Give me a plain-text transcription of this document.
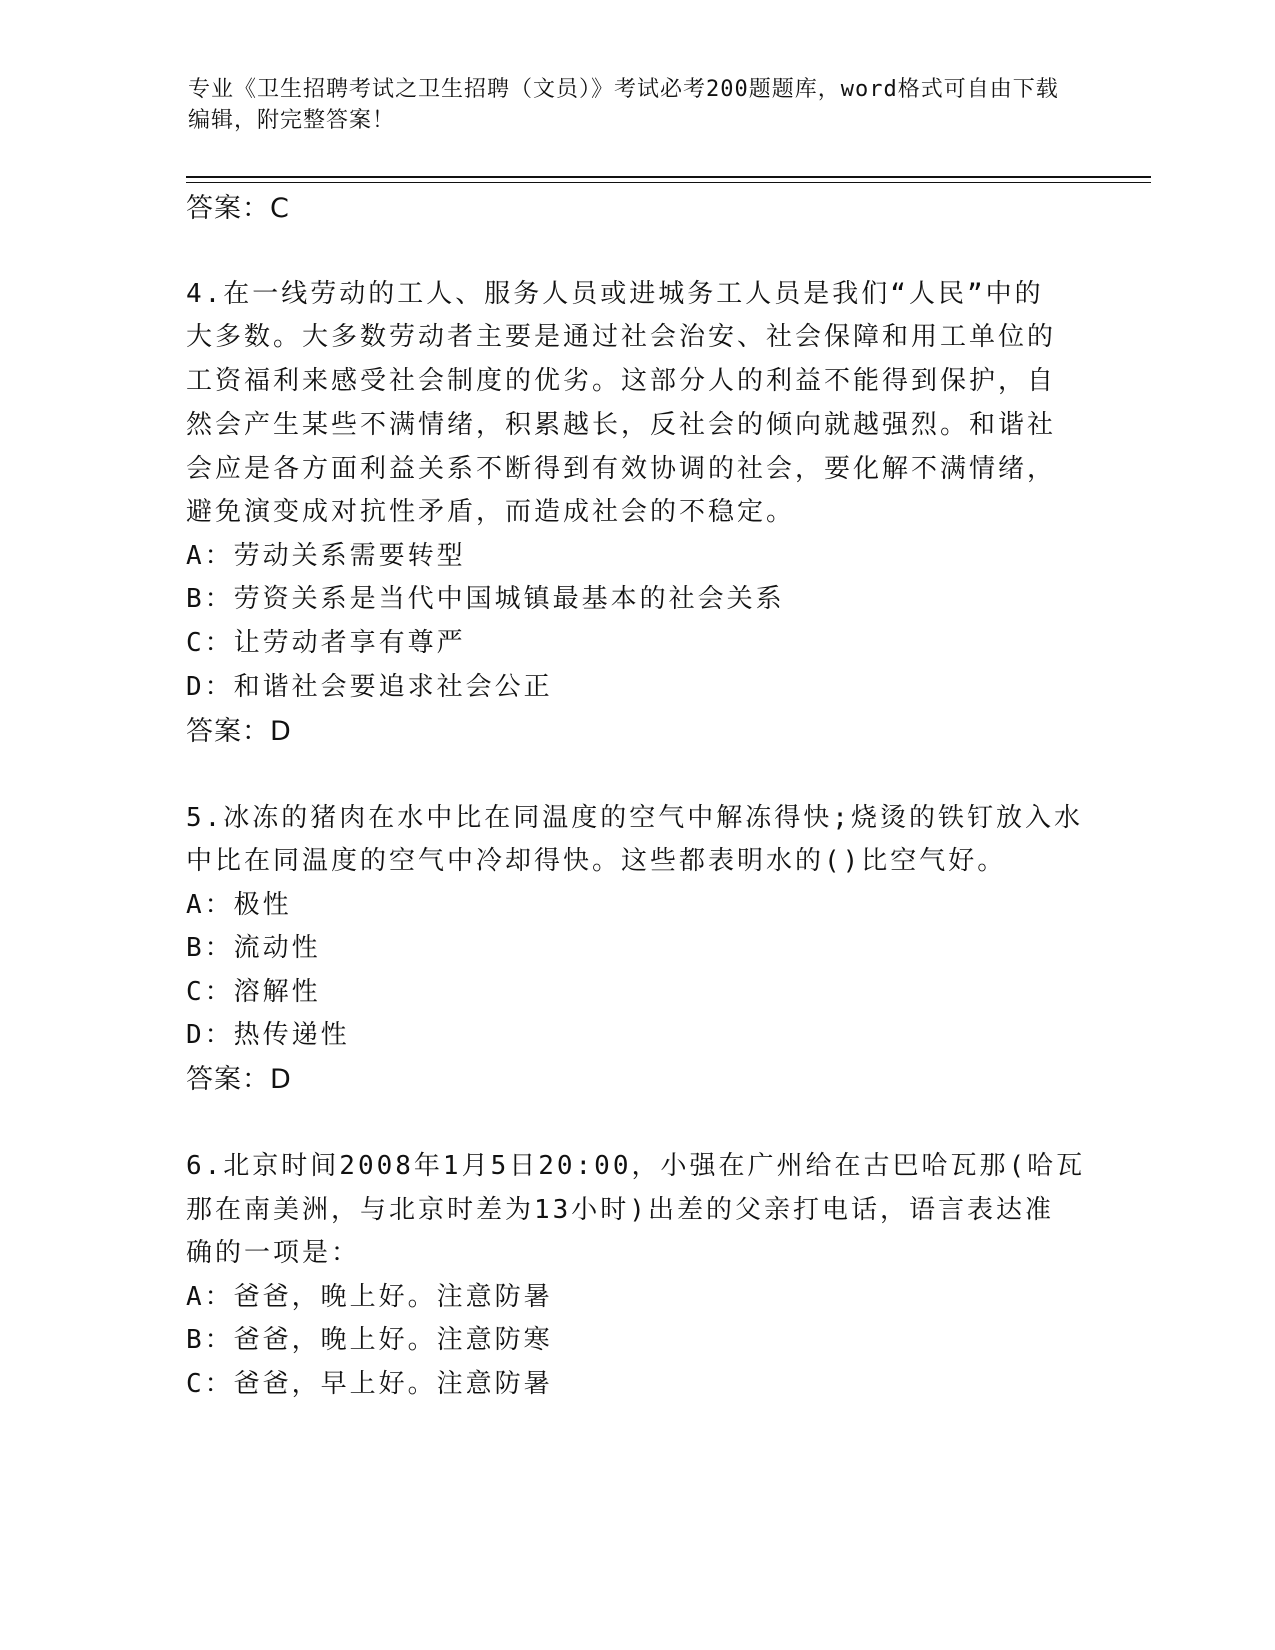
专业《卫生招聘考试之卫生招聘（文员）》考试必考200题题库，word格式可自由下载编辑，附完整答案！

答案：C

4.在一线劳动的工人、服务人员或进城务工人员是我们“人民”中的

大多数。大多数劳动者主要是通过社会治安、社会保障和用工单位的

工资福利来感受社会制度的优劣。这部分人的利益不能得到保护，自

然会产生某些不满情绪，积累越长，反社会的倾向就越强烈。和谐社

会应是各方面利益关系不断得到有效协调的社会，要化解不满情绪，

避免演变成对抗性矛盾，而造成社会的不稳定。

A：劳动关系需要转型

B：劳资关系是当代中国城镇最基本的社会关系

C：让劳动者享有尊严

D：和谐社会要追求社会公正

答案：D

5.冰冻的猪肉在水中比在同温度的空气中解冻得快;烧烫的铁钉放入水

中比在同温度的空气中冷却得快。这些都表明水的()比空气好。

A：极性

B：流动性

C：溶解性

D：热传递性

答案：D

6.北京时间2008年1月5日20:00，小强在广州给在古巴哈瓦那(哈瓦

那在南美洲，与北京时差为13小时)出差的父亲打电话，语言表达准

确的一项是：

A：爸爸，晚上好。注意防暑

B：爸爸，晚上好。注意防寒

C：爸爸，早上好。注意防暑
